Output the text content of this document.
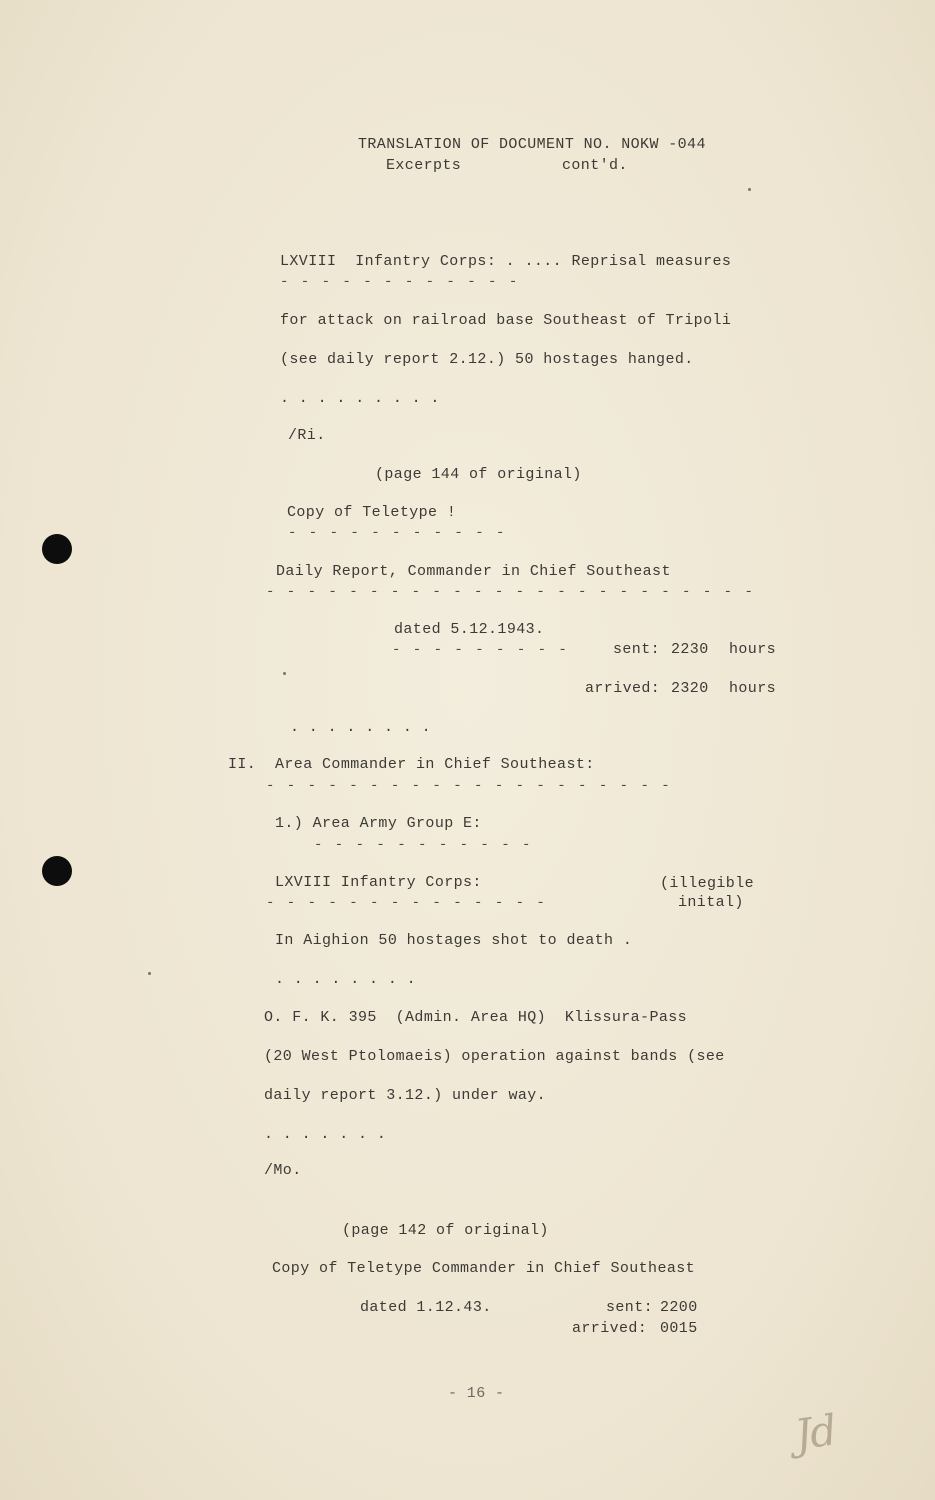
TRANSLATION OF DOCUMENT NO. NOKW -044
Excerpts	cont'd.
LXVIII  Infantry Corps: . .... Reprisal measures
- - - - - - - - - - - -
for attack on railroad base Southeast of Tripoli
(see daily report 2.12.) 50 hostages hanged.
. . . . . . . . .
/Ri.
(page 144 of original)
Copy of Teletype !
- - - - - - - - - - -
Daily Report, Commander in Chief Southeast
- - - - - - - - - - - - - - - - - - - - - - - -
dated 5.12.1943.
- - - - - - - - -	sent: 2230 hours
arrived: 2320 hours
. . . . . . . .
II.  Area Commander in Chief Southeast:
- - - - - - - - - - - - - - - - - - - -
1.) Area Army Group E:
- - - - - - - - - - -
LXVIII Infantry Corps:
- - - - - - - - - - - - - -
(illegible
inital)
In Aighion 50 hostages shot to death .
. . . . . . . .
O. F. K. 395  (Admin. Area HQ)  Klissura-Pass
(20 West Ptolomaeis) operation against bands (see
daily report 3.12.) under way.
. . . . . . .
/Mo.
(page 142 of original)
Copy of Teletype Commander in Chief Southeast
dated 1.12.43.	sent: 2200
arrived: 0015
- 16 -
Jd
